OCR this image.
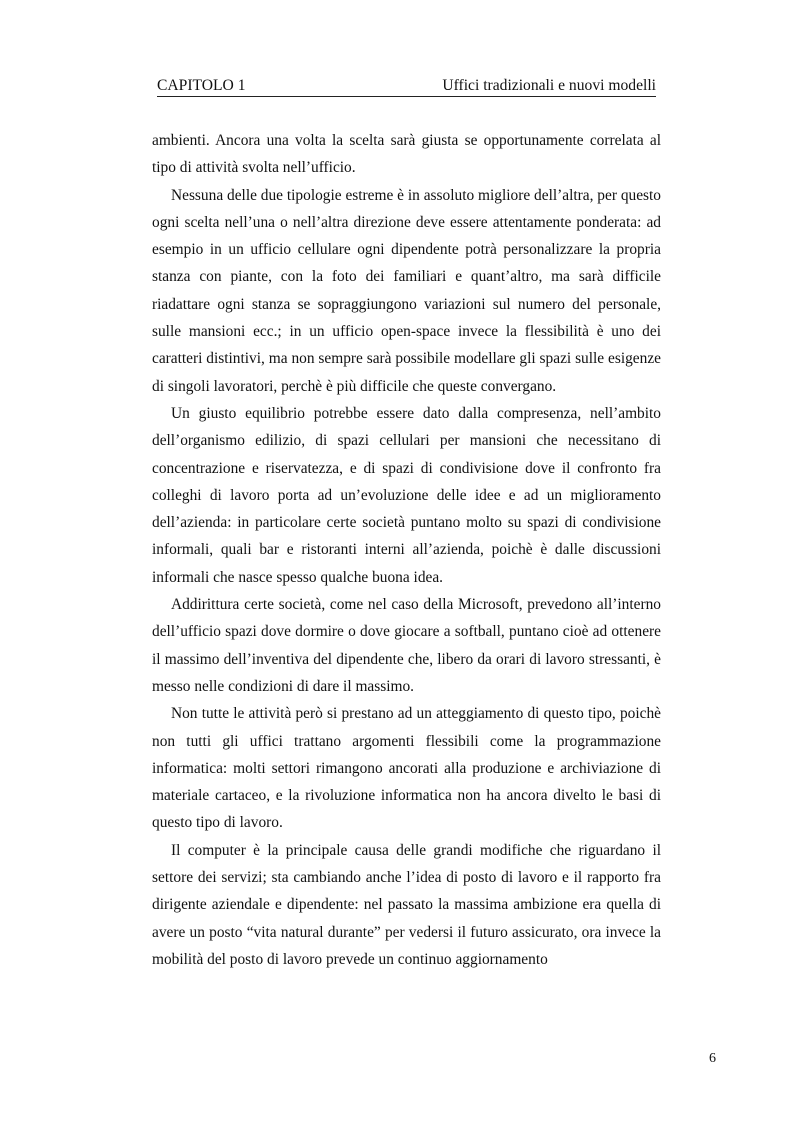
CAPITOLO 1	Uffici tradizionali e nuovi modelli

ambienti. Ancora una volta la scelta sarà giusta se opportunamente correlata al tipo di attività svolta nell’ufficio.

Nessuna delle due tipologie estreme è in assoluto migliore dell’altra, per questo ogni scelta nell’una o nell’altra direzione deve essere attentamente ponderata: ad esempio in un ufficio cellulare ogni dipendente potrà personalizzare la propria stanza con piante, con la foto dei familiari e quant’altro, ma sarà difficile riadattare ogni stanza se sopraggiungono variazioni sul numero del personale, sulle mansioni ecc.; in un ufficio open-space invece la flessibilità è uno dei caratteri distintivi, ma non sempre sarà possibile modellare gli spazi sulle esigenze di singoli lavoratori, perchè è più difficile che queste convergano.

Un giusto equilibrio potrebbe essere dato dalla compresenza, nell’ambito dell’organismo edilizio, di spazi cellulari per mansioni che necessitano di concentrazione e riservatezza, e di spazi di condivisione dove il confronto fra colleghi di lavoro porta ad un’evoluzione delle idee e ad un miglioramento dell’azienda: in particolare certe società puntano molto su spazi di condivisione informali, quali bar e ristoranti interni all’azienda, poichè è dalle discussioni informali che nasce spesso qualche buona idea.

Addirittura certe società, come nel caso della Microsoft, prevedono all’interno dell’ufficio spazi dove dormire o dove giocare a softball, puntano cioè ad ottenere il massimo dell’inventiva del dipendente che, libero da orari di lavoro stressanti, è messo nelle condizioni di dare il massimo.

Non tutte le attività però si prestano ad un atteggiamento di questo tipo, poichè non tutti gli uffici trattano argomenti flessibili come la programmazione informatica: molti settori rimangono ancorati alla produzione e archiviazione di materiale cartaceo, e la rivoluzione informatica non ha ancora divelto le basi di questo tipo di lavoro.

Il computer è la principale causa delle grandi modifiche che riguardano il settore dei servizi; sta cambiando anche l’idea di posto di lavoro e il rapporto fra dirigente aziendale e dipendente: nel passato la massima ambizione era quella di avere un posto “vita natural durante” per vedersi il futuro assicurato, ora invece la mobilità del posto di lavoro prevede un continuo aggiornamento

6
